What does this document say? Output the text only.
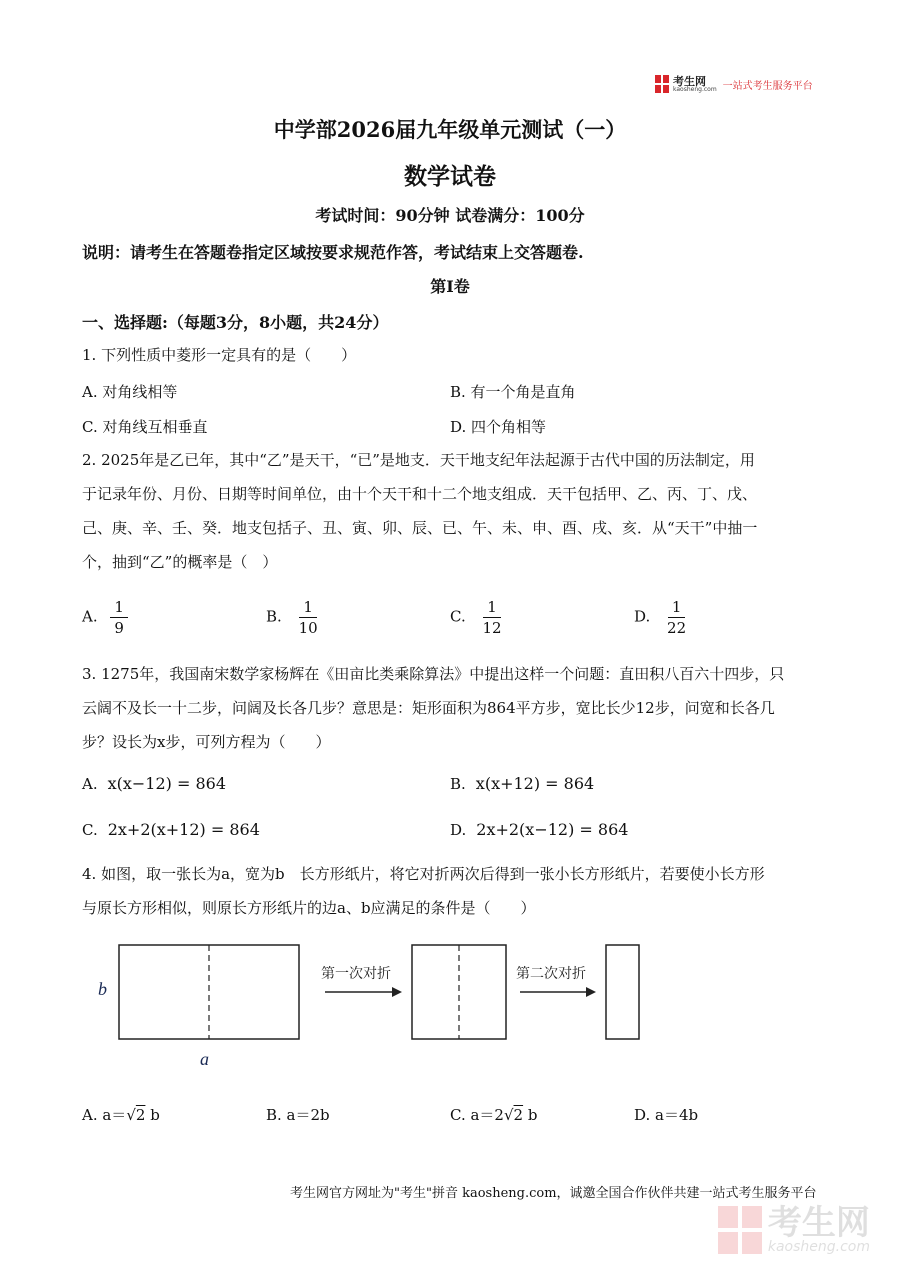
考生网
kaosheng.com 一站式考生服务平台
中学部2026届九年级单元测试（一）
数学试卷
考试时间：90分钟 试卷满分：100分
说明：请考生在答题卷指定区域按要求规范作答，考试结束上交答题卷.
第I卷
一、选择题:（每题3分，8小题，共24分）
1. 下列性质中菱形一定具有的是（　　）
A. 对角线相等	B. 有一个角是直角
C. 对角线互相垂直	D. 四个角相等
2. 2025年是乙已年，其中“乙”是天干，“已”是地支．天干地支纪年法起源于古代中国的历法制定，用
于记录年份、月份、日期等时间单位，由十个天干和十二个地支组成．天干包括甲、乙、丙、丁、戊、
己、庚、辛、壬、癸．地支包括子、丑、寅、卯、辰、已、午、未、申、酉、戌、亥．从“天干”中抽一
个，抽到“乙”的概率是（　）
A. $\frac{1}{9}$	B. $\frac{1}{10}$	C. $\frac{1}{12}$	D. $\frac{1}{22}$
3. 1275年，我国南宋数学家杨辉在《田亩比类乘除算法》中提出这样一个问题：直田积八百六十四步，只
云阔不及长一十二步，问阔及长各几步？意思是：矩形面积为864平方步，宽比长少12步，问宽和长各几
步？设长为x步，可列方程为（　　）
A. x(x−12) = 864	B. x(x+12) = 864
C. 2x+2(x+12) = 864	D. 2x+2(x−12) = 864
4. 如图，取一张长为a，宽为b　长方形纸片，将它对折两次后得到一张小长方形纸片，若要使小长方形
与原长方形相似，则原长方形纸片的边a、b应满足的条件是（　　）
b
a
第一次对折	第二次对折
A. a＝√2 b	B. a＝2b	C. a＝2√2 b	D. a＝4b
考生网官方网址为"考生"拼音 kaosheng.com，诚邀全国合作伙伴共建一站式考生服务平台
考生网
kaosheng.com
